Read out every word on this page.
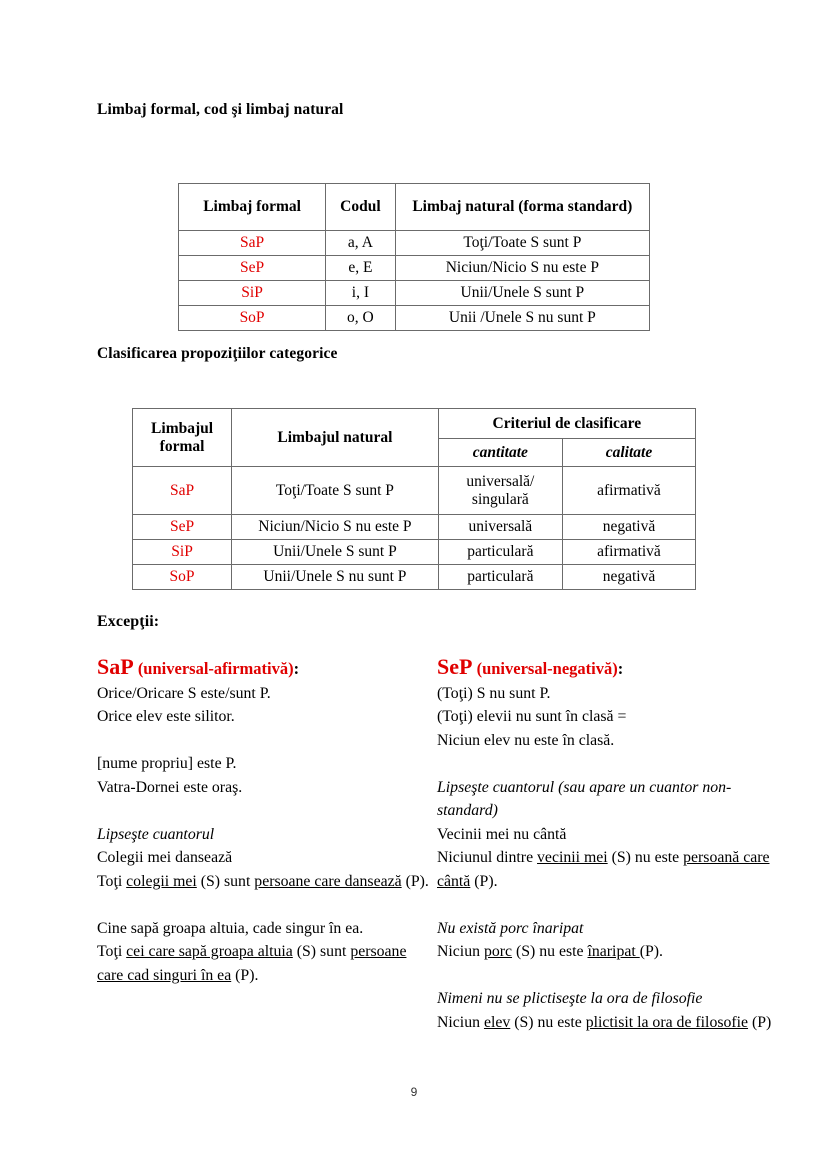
Limbaj formal, cod şi limbaj natural
Limbaj formal	Codul	Limbaj natural (forma standard)
SaP	a, A	Toţi/Toate S sunt P
SeP	e, E	Niciun/Nicio S nu este P
SiP	i, I	Unii/Unele S sunt P
SoP	o, O	Unii /Unele S nu sunt P
Clasificarea propoziţiilor categorice
Limbajul formal	Limbajul natural	Criteriul de clasificare	
		cantitate	calitate
SaP	Toţi/Toate S sunt P	universală/ singulară	afirmativă
SeP	Niciun/Nicio S nu este P	universală	negativă
SiP	Unii/Unele S sunt P	particulară	afirmativă
SoP	Unii/Unele S nu sunt P	particulară	negativă
Excepţii:

SaP (universal-afirmativă):

Orice/Oricare S este/sunt P.

Orice elev este silitor.

[nume propriu] este P.

Vatra-Dornei este oraş.

Lipseşte cuantorul

Colegii mei dansează

Toţi colegii mei (S) sunt persoane care dansează (P).

Cine sapă groapa altuia, cade singur în ea.

Toţi cei care sapă groapa altuia (S) sunt persoane care cad singuri în ea (P).

SeP (universal-negativă):

(Toţi) S nu sunt P.

(Toţi) elevii nu sunt în clasă =

Niciun elev nu este în clasă.

Lipseşte cuantorul (sau apare un cuantor non-standard)

Vecinii mei nu cântă

Niciunul dintre vecinii mei (S) nu este persoană care cântă (P).

Nu există porc înaripat

Niciun porc (S) nu este înaripat (P).

Nimeni nu se plictiseşte la ora de filosofie

Niciun elev (S) nu este plictisit la ora de filosofie (P)

9
